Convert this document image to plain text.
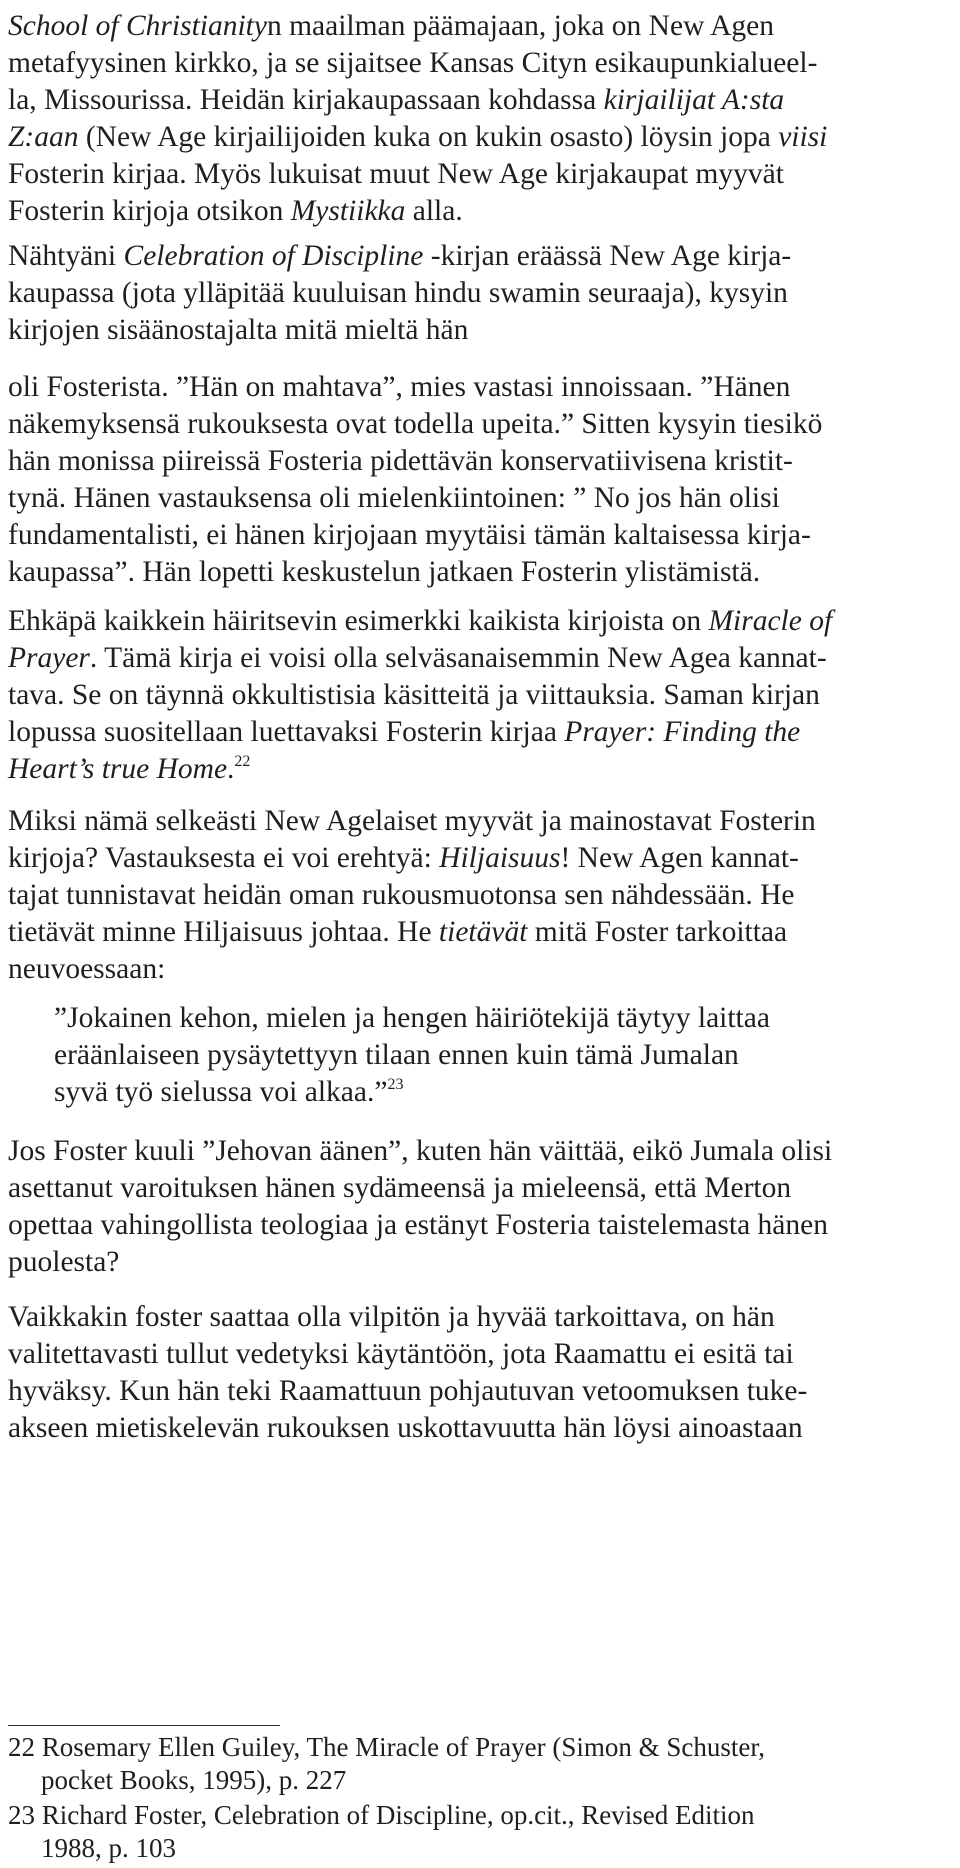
School of Christianityn maailman päämajaan, joka on New Agen
metafyysinen kirkko, ja se sijaitsee Kansas Cityn esikaupunkialueel-
la, Missourissa. Heidän kirjakaupassaan kohdassa kirjailijat A:sta
Z:aan (New Age kirjailijoiden kuka on kukin osasto) löysin jopa viisi
Fosterin kirjaa. Myös lukuisat muut New Age kirjakaupat myyvät
Fosterin kirjoja otsikon Mystiikka alla.
Nähtyäni Celebration of Discipline -kirjan eräässä New Age kirja-
kaupassa (jota ylläpitää kuuluisan hindu swamin seuraaja), kysyin
kirjojen sisäänostajalta mitä mieltä hän
oli Fosterista. ”Hän on mahtava”, mies vastasi innoissaan. ”Hänen
näkemyksensä rukouksesta ovat todella upeita.” Sitten kysyin tiesikö
hän monissa piireissä Fosteria pidettävän konservatiivisena kristit-
tynä. Hänen vastauksensa oli mielenkiintoinen: ” No jos hän olisi
fundamentalisti, ei hänen kirjojaan myytäisi tämän kaltaisessa kirja-
kaupassa”. Hän lopetti keskustelun jatkaen Fosterin ylistämistä.
Ehkäpä kaikkein häiritsevin esimerkki kaikista kirjoista on Miracle of
Prayer. Tämä kirja ei voisi olla selväsanaisemmin New Agea kannat-
tava. Se on täynnä okkultistisia käsitteitä ja viittauksia. Saman kirjan
lopussa suositellaan luettavaksi Fosterin kirjaa Prayer: Finding the
Heart’s true Home.$^{22}$
Miksi nämä selkeästi New Agelaiset myyvät ja mainostavat Fosterin
kirjoja? Vastauksesta ei voi erehtyä: Hiljaisuus! New Agen kannat-
tajat tunnistavat heidän oman rukousmuotonsa sen nähdessään. He
tietävät minne Hiljaisuus johtaa. He tietävät mitä Foster tarkoittaa
neuvoessaan:
”Jokainen kehon, mielen ja hengen häiriötekijä täytyy laittaa
eräänlaiseen pysäytettyyn tilaan ennen kuin tämä Jumalan
syvä työ sielussa voi alkaa.”$^{23}$
Jos Foster kuuli ”Jehovan äänen”, kuten hän väittää, eikö Jumala olisi
asettanut varoituksen hänen sydämeensä ja mieleensä, että Merton
opettaa vahingollista teologiaa ja estänyt Fosteria taistelemasta hänen
puolesta?
Vaikkakin foster saattaa olla vilpitön ja hyvää tarkoittava, on hän
valitettavasti tullut vedetyksi käytäntöön, jota Raamattu ei esitä tai
hyväksy. Kun hän teki Raamattuun pohjautuvan vetoomuksen tuke-
akseen mietiskelevän rukouksen uskottavuutta hän löysi ainoastaan
22 Rosemary Ellen Guiley, The Miracle of Prayer (Simon & Schuster,
pocket Books, 1995), p. 227
23 Richard Foster, Celebration of Discipline, op.cit., Revised Edition
1988, p. 103
